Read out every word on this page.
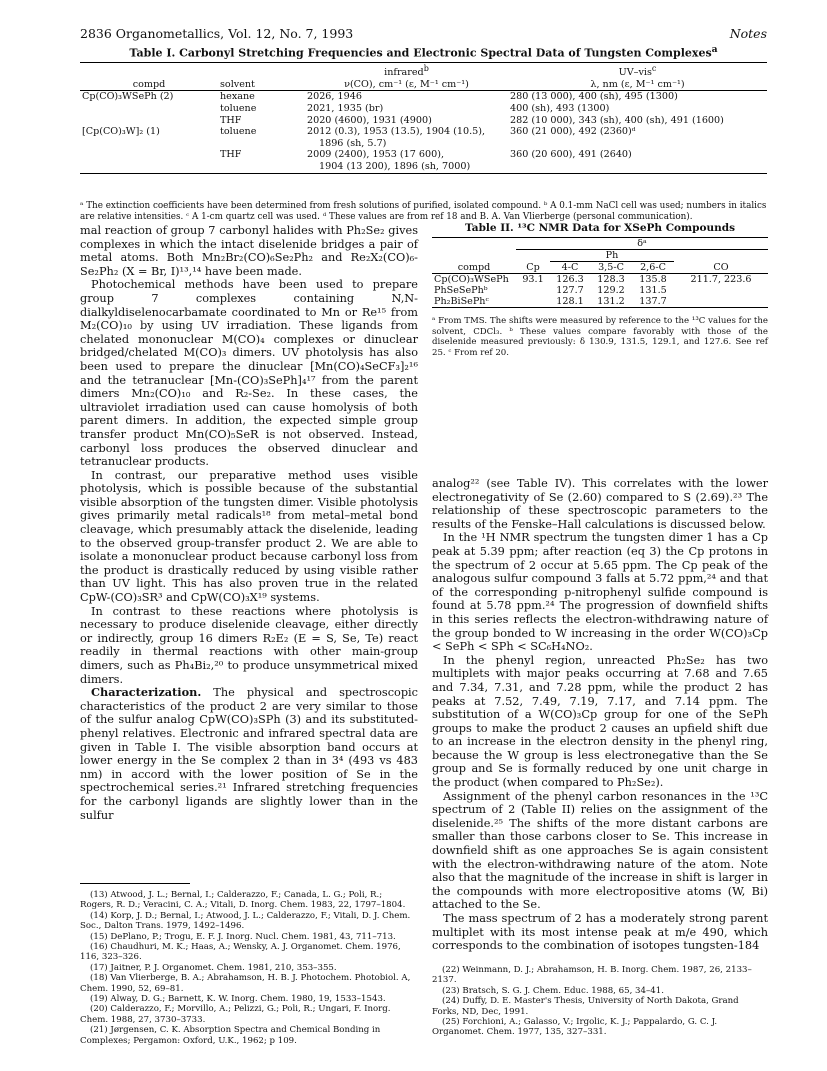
2836 Organometallics, Vol. 12, No. 7, 1993	Notes
Table I. Carbonyl Stretching Frequencies and Electronic Spectral Data of Tungsten Complexes$^a$
		infrared$^b$	UV–vis$^c$
compd	solvent	ν(CO), cm⁻¹ (ε, M⁻¹ cm⁻¹)	λ, nm (ε, M⁻¹ cm⁻¹)
Cp(CO)₃WSePh (2)	hexane	2026, 1946	280 (13 000), 400 (sh), 495 (1300)
	toluene	2021, 1935 (br)	400 (sh), 493 (1300)
	THF	2020 (4600), 1931 (4900)	282 (10 000), 343 (sh), 400 (sh), 491 (1600)
[Cp(CO)₃W]₂ (1)	toluene	2012 (0.3), 1953 (13.5), 1904 (10.5),	360 (21 000), 492 (2360)ᵈ
		1896 (sh, 5.7)	
	THF	2009 (2400), 1953 (17 600),	360 (20 600), 491 (2640)
		1904 (13 200), 1896 (sh, 7000)	
ᵃ The extinction coefficients have been determined from fresh solutions of purified, isolated compound. ᵇ A 0.1-mm NaCl cell was used; numbers in italics are relative intensities. ᶜ A 1-cm quartz cell was used. ᵈ These values are from ref 18 and B. A. Van Vlierberge (personal communication).

mal reaction of group 7 carbonyl halides with Ph₂Se₂ gives complexes in which the intact diselenide bridges a pair of metal atoms. Both Mn₂Br₂(CO)₆Se₂Ph₂ and Re₂X₂(CO)₆-Se₂Ph₂ (X = Br, I)¹³,¹⁴ have been made.

Photochemical methods have been used to prepare group 7 complexes containing N,N-dialkyldiselenocarbamate coordinated to Mn or Re¹⁵ from M₂(CO)₁₀ by using UV irradiation. These ligands from chelated mononuclear M(CO)₄ complexes or dinuclear bridged/chelated M(CO)₃ dimers. UV photolysis has also been used to prepare the dinuclear [Mn(CO)₄SeCF₃]₂¹⁶ and the tetranuclear [Mn-(CO)₃SePh]₄¹⁷ from the parent dimers Mn₂(CO)₁₀ and R₂-Se₂. In these cases, the ultraviolet irradiation used can cause homolysis of both parent dimers. In addition, the expected simple group transfer product Mn(CO)₅SeR is not observed. Instead, carbonyl loss produces the observed dinuclear and tetranuclear products.

In contrast, our preparative method uses visible photolysis, which is possible because of the substantial visible absorption of the tungsten dimer. Visible photolysis gives primarily metal radicals¹⁸ from metal–metal bond cleavage, which presumably attack the diselenide, leading to the observed group-transfer product 2. We are able to isolate a mononuclear product because carbonyl loss from the product is drastically reduced by using visible rather than UV light. This has also proven true in the related CpW-(CO)₃SR³ and CpW(CO)₃X¹⁹ systems.

In contrast to these reactions where photolysis is necessary to produce diselenide cleavage, either directly or indirectly, group 16 dimers R₂E₂ (E = S, Se, Te) react readily in thermal reactions with other main-group dimers, such as Ph₄Bi₂,²⁰ to produce unsymmetrical mixed dimers.

Characterization. The physical and spectroscopic characteristics of the product 2 are very similar to those of the sulfur analog CpW(CO)₃SPh (3) and its substituted-phenyl relatives. Electronic and infrared spectral data are given in Table I. The visible absorption band occurs at lower energy in the Se complex 2 than in 3⁴ (493 vs 483 nm) in accord with the lower position of Se in the spectrochemical series.²¹ Infrared stretching frequencies for the carbonyl ligands are slightly lower than in the sulfur

(13) Atwood, J. L.; Bernal, I.; Calderazzo, F.; Canada, L. G.; Poli, R.; Rogers, R. D.; Veracini, C. A.; Vitali, D. Inorg. Chem. 1983, 22, 1797–1804.

(14) Korp, J. D.; Bernal, I.; Atwood, J. L.; Calderazzo, F.; Vitali, D. J. Chem. Soc., Dalton Trans. 1979, 1492–1496.

(15) DePlano, P.; Trogu, E. F. J. Inorg. Nucl. Chem. 1981, 43, 711–713.

(16) Chaudhuri, M. K.; Haas, A.; Wensky, A. J. Organomet. Chem. 1976, 116, 323–326.

(17) Jaitner, P. J. Organomet. Chem. 1981, 210, 353–355.

(18) Van Vlierberge, B. A.; Abrahamson, H. B. J. Photochem. Photobiol. A, Chem. 1990, 52, 69–81.

(19) Alway, D. G.; Barnett, K. W. Inorg. Chem. 1980, 19, 1533–1543.

(20) Calderazzo, F.; Morvillo, A.; Pelizzi, G.; Poli, R.; Ungari, F. Inorg. Chem. 1988, 27, 3730–3733.

(21) Jørgensen, C. K. Absorption Spectra and Chemical Bonding in Complexes; Pergamon: Oxford, U.K., 1962; p 109.

Table II. ¹³C NMR Data for XSePh Compounds
	δᵃ				
		Ph			
compd	Cp	4-C	3,5-C	2,6-C	CO
Cp(CO)₃WSePh	93.1	126.3	128.3	135.8	211.7, 223.6
PhSeSePhᵇ		127.7	129.2	131.5	
Ph₂BiSePhᶜ		128.1	131.2	137.7	
ᵃ From TMS. The shifts were measured by reference to the ¹³C values for the solvent, CDCl₃. ᵇ These values compare favorably with those of the diselenide measured previously: δ 130.9, 131.5, 129.1, and 127.6. See ref 25. ᶜ From ref 20.

analog²² (see Table IV). This correlates with the lower electronegativity of Se (2.60) compared to S (2.69).²³ The relationship of these spectroscopic parameters to the results of the Fenske–Hall calculations is discussed below.

In the ¹H NMR spectrum the tungsten dimer 1 has a Cp peak at 5.39 ppm; after reaction (eq 3) the Cp protons in the spectrum of 2 occur at 5.65 ppm. The Cp peak of the analogous sulfur compound 3 falls at 5.72 ppm,²⁴ and that of the corresponding p-nitrophenyl sulfide compound is found at 5.78 ppm.²⁴ The progression of downfield shifts in this series reflects the electron-withdrawing nature of the group bonded to W increasing in the order W(CO)₃Cp < SePh < SPh < SC₆H₄NO₂.

In the phenyl region, unreacted Ph₂Se₂ has two multiplets with major peaks occurring at 7.68 and 7.65 and 7.34, 7.31, and 7.28 ppm, while the product 2 has peaks at 7.52, 7.49, 7.19, 7.17, and 7.14 ppm. The substitution of a W(CO)₃Cp group for one of the SePh groups to make the product 2 causes an upfield shift due to an increase in the electron density in the phenyl ring, because the W group is less electronegative than the Se group and Se is formally reduced by one unit charge in the product (when compared to Ph₂Se₂).

Assignment of the phenyl carbon resonances in the ¹³C spectrum of 2 (Table II) relies on the assignment of the diselenide.²⁵ The shifts of the more distant carbons are smaller than those carbons closer to Se. This increase in downfield shift as one approaches Se is again consistent with the electron-withdrawing nature of the atom. Note also that the magnitude of the increase in shift is larger in the compounds with more electropositive atoms (W, Bi) attached to the Se.

The mass spectrum of 2 has a moderately strong parent multiplet with its most intense peak at m/e 490, which corresponds to the combination of isotopes tungsten-184

(22) Weinmann, D. J.; Abrahamson, H. B. Inorg. Chem. 1987, 26, 2133–2137.

(23) Bratsch, S. G. J. Chem. Educ. 1988, 65, 34–41.

(24) Duffy, D. E. Master's Thesis, University of North Dakota, Grand Forks, ND, Dec, 1991.

(25) Forchioni, A.; Galasso, V.; Irgolic, K. J.; Pappalardo, G. C. J. Organomet. Chem. 1977, 135, 327–331.
